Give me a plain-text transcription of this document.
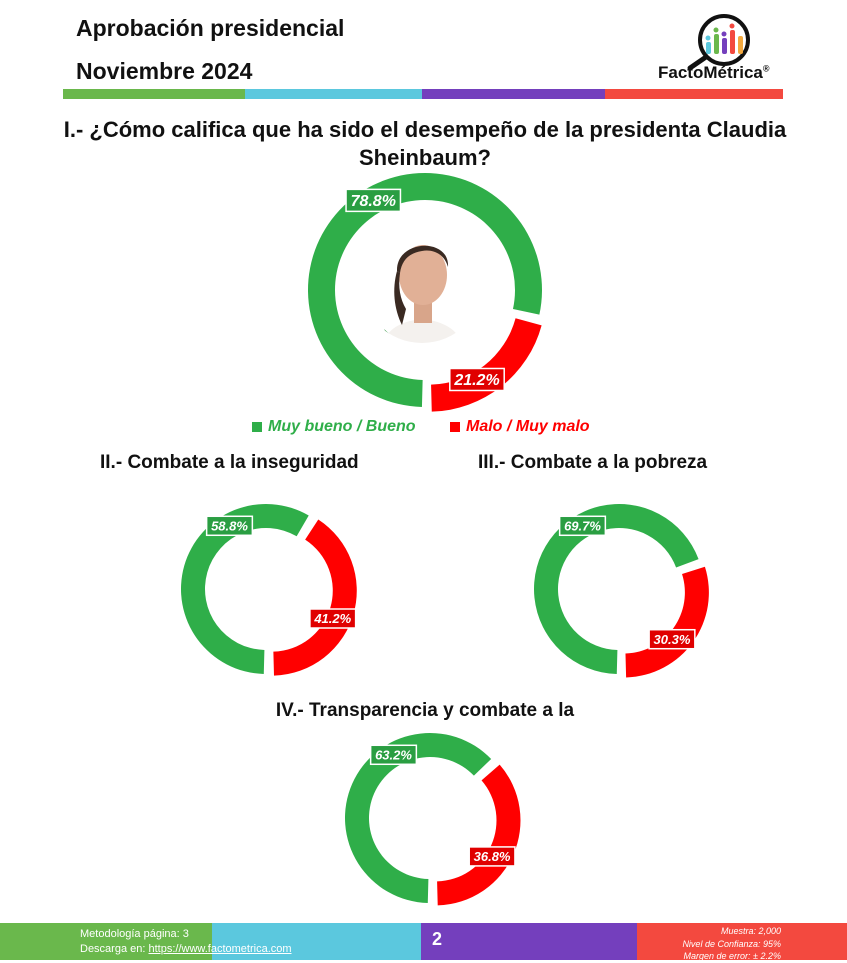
Aprobación presidencial
Noviembre 2024	FactoMétrica®
I.- ¿Cómo califica que ha sido el desempeño de la presidenta Claudia Sheinbaum?
II.- Combate a la inseguridad	III.- Combate a la pobreza
IV.- Transparencia y combate a la
78.8%
21.2%
58.8%
41.2%
69.7%
30.3%
63.2%
36.8%
Muy bueno / Bueno	Malo / Muy malo
Metodología página: 3
Descarga en: https://www.factometrica.com	2	Muestra: 2,000
Nivel de Confianza: 95%
Margen de error: ± 2.2%
